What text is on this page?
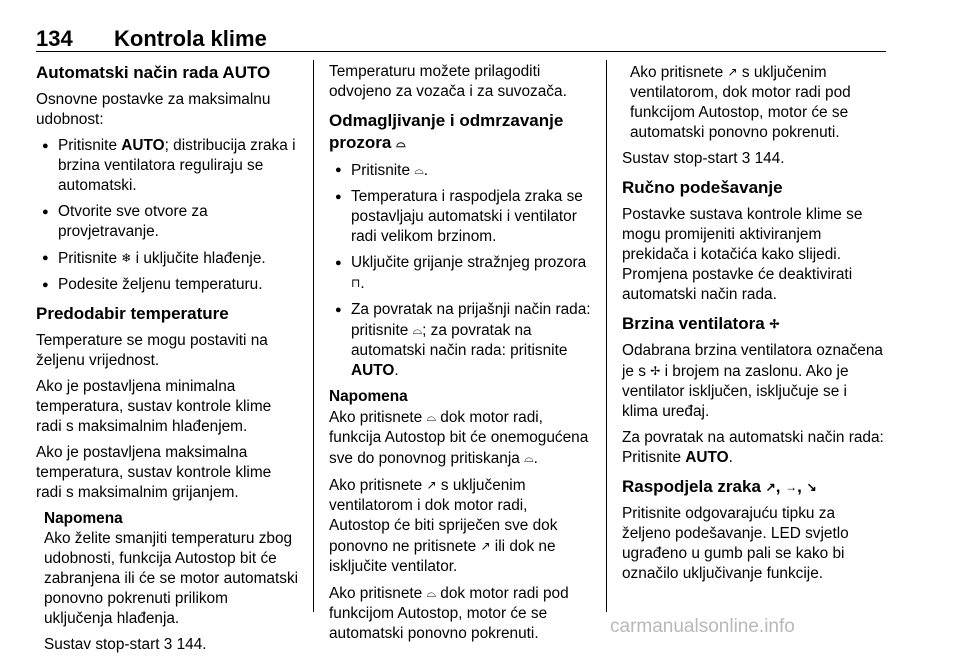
134 Kontrola klime
Automatski način rada AUTO

Osnovne postavke za maksimalnu udobnost:

● Pritisnite AUTO; distribucija zraka i brzina ventilatora reguliraju se automatski.
● Otvorite sve otvore za provjetravanje.
● Pritisnite ❄ i uključite hlađenje.
● Podesite željenu temperaturu.
Predodabir temperature

Temperature se mogu postaviti na željenu vrijednost.

Ako je postavljena minimalna temperatura, sustav kontrole klime radi s maksimalnim hlađenjem.

Ako je postavljena maksimalna temperatura, sustav kontrole klime radi s maksimalnim grijanjem.

Napomena

Ako želite smanjiti temperaturu zbog udobnosti, funkcija Autostop bit će zabranjena ili će se motor automatski ponovno pokrenuti prilikom uključenja hlađenja.

Sustav stop-start 3 144.

Temperaturu možete prilagoditi odvojeno za vozača i za suvozača.

Odmagljivanje i odmrzavanje prozora ⌓
● Pritisnite ⌓.
● Temperatura i raspodjela zraka se postavljaju automatski i ventilator radi velikom brzinom.
● Uključite grijanje stražnjeg prozora ⊓.
● Za povratak na prijašnji način rada: pritisnite ⌓; za povratak na automatski način rada: pritisnite AUTO.

Napomena

Ako pritisnete ⌓ dok motor radi, funkcija Autostop bit će onemogućena sve do ponovnog pritiskanja ⌓.

Ako pritisnete ↗ s uključenim ventilatorom i dok motor radi, Autostop će biti spriječen sve dok ponovno ne pritisnete ↗ ili dok ne isključite ventilator.

Ako pritisnete ⌓ dok motor radi pod funkcijom Autostop, motor će se automatski ponovno pokrenuti.

Ako pritisnete ↗ s uključenim ventilatorom, dok motor radi pod funkcijom Autostop, motor će se automatski ponovno pokrenuti.

Sustav stop-start 3 144.

Ručno podešavanje

Postavke sustava kontrole klime se mogu promijeniti aktiviranjem prekidača i kotačića kako slijedi. Promjena postavke će deaktivirati automatski način rada.

Brzina ventilatora ✢

Odabrana brzina ventilatora označena je s ✢ i brojem na zaslonu. Ako je ventilator isključen, isključuje se i klima uređaj.

Za povratak na automatski način rada: Pritisnite AUTO.

Raspodjela zraka ↗, →, ↘

Pritisnite odgovarajuću tipku za željeno podešavanje. LED svjetlo ugrađeno u gumb pali se kako bi označilo uključivanje funkcije.

carmanualsonline.info
